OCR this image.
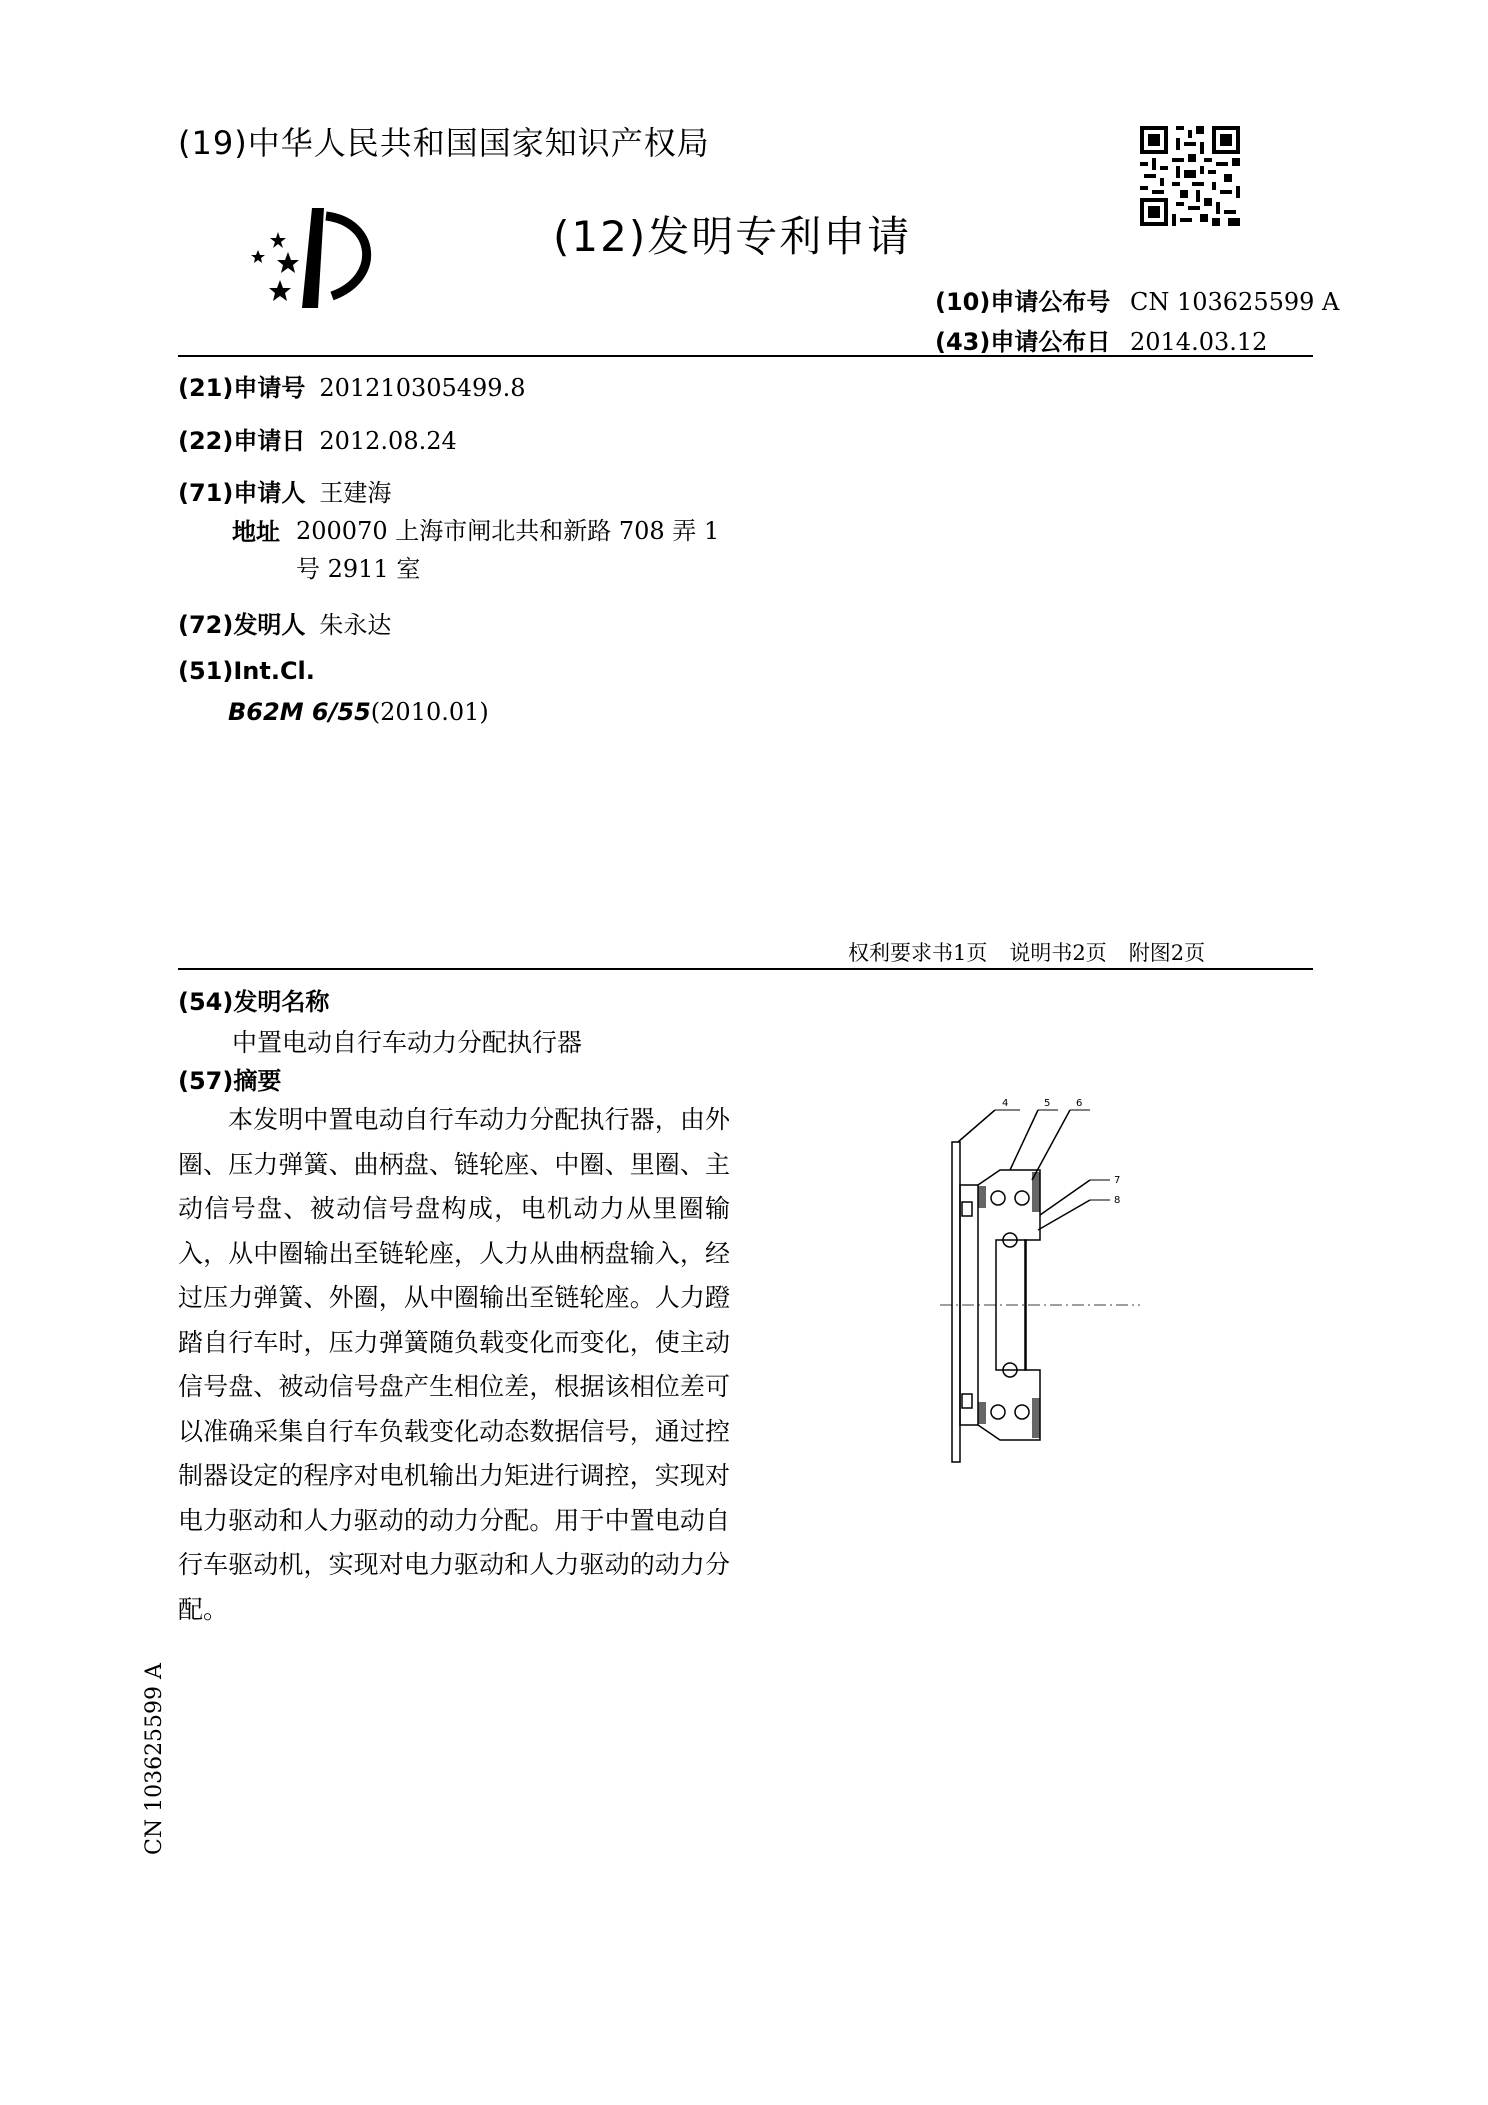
(19)中华人民共和国国家知识产权局
(12)发明专利申请
(10)申请公布号 CN 103625599 A
(43)申请公布日 2014.03.12
(21)申请号 201210305499.8
(22)申请日 2012.08.24
(71)申请人 王建海
地址 200070 上海市闸北共和新路 708 弄 1 号 2911 室
(72)发明人 朱永达
(51)Int.Cl.
B62M 6/55(2010.01)
权利要求书1页 说明书2页 附图2页
(54)发明名称
中置电动自行车动力分配执行器
(57)摘要
本发明中置电动自行车动力分配执行器，由外圈、压力弹簧、曲柄盘、链轮座、中圈、里圈、主动信号盘、被动信号盘构成，电机动力从里圈输入，从中圈输出至链轮座，人力从曲柄盘输入，经过压力弹簧、外圈，从中圈输出至链轮座。人力蹬踏自行车时，压力弹簧随负载变化而变化，使主动信号盘、被动信号盘产生相位差，根据该相位差可以准确采集自行车负载变化动态数据信号，通过控制器设定的程序对电机输出力矩进行调控，实现对电力驱动和人力驱动的动力分配。用于中置电动自行车驱动机，实现对电力驱动和人力驱动的动力分配。
4	5	6
7
8
CN 103625599 A
